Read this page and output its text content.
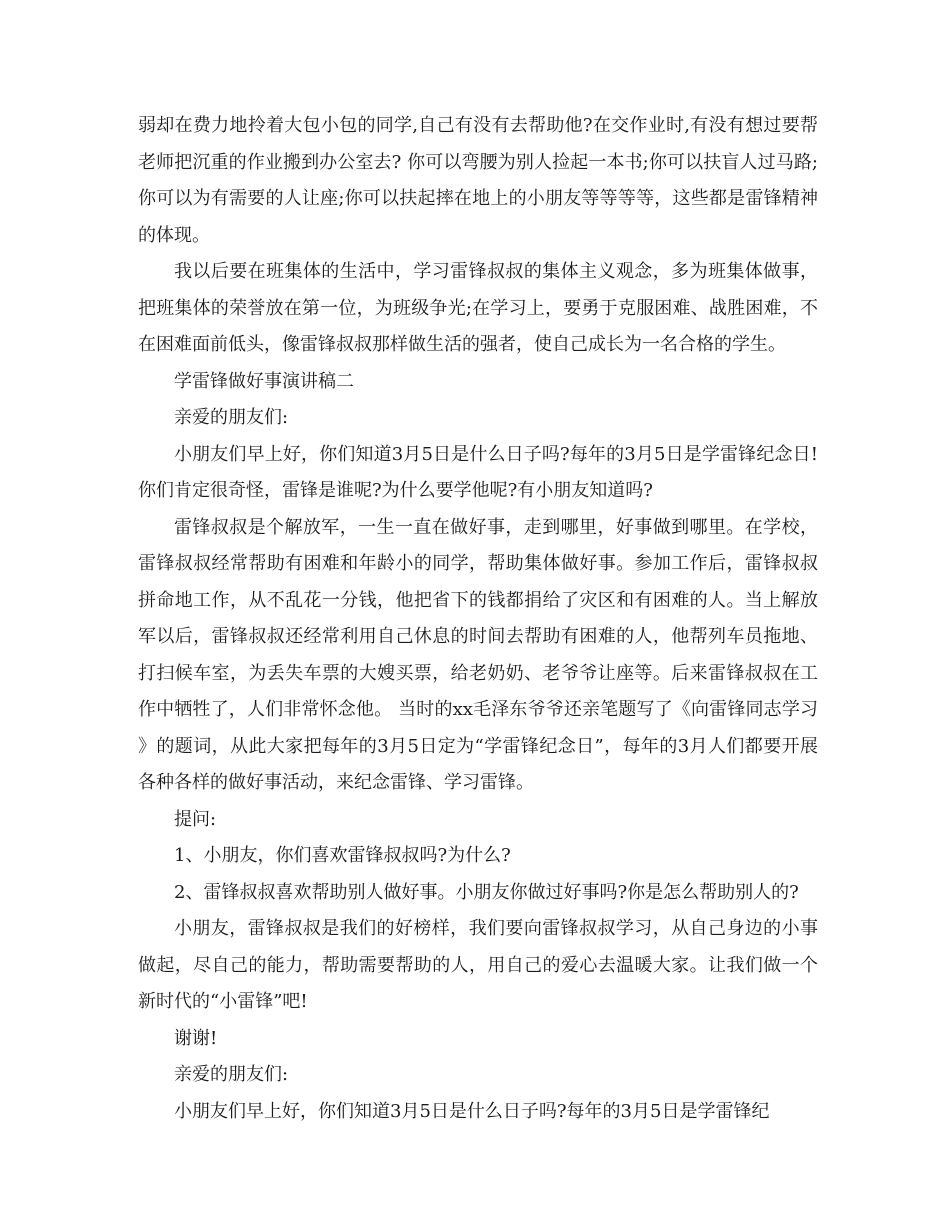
弱却在费力地拎着大包小包的同学,自己有没有去帮助他?在交作业时,有没有想过要帮老师把沉重的作业搬到办公室去? 你可以弯腰为别人捡起一本书;你可以扶盲人过马路;你可以为有需要的人让座;你可以扶起摔在地上的小朋友等等等等，这些都是雷锋精神的体现。

我以后要在班集体的生活中，学习雷锋叔叔的集体主义观念，多为班集体做事，把班集体的荣誉放在第一位，为班级争光;在学习上，要勇于克服困难、战胜困难，不在困难面前低头，像雷锋叔叔那样做生活的强者，使自己成长为一名合格的学生。

学雷锋做好事演讲稿二

亲爱的朋友们:

小朋友们早上好，你们知道3月5日是什么日子吗?每年的3月5日是学雷锋纪念日!你们肯定很奇怪，雷锋是谁呢?为什么要学他呢?有小朋友知道吗?

雷锋叔叔是个解放军，一生一直在做好事，走到哪里，好事做到哪里。在学校，雷锋叔叔经常帮助有困难和年龄小的同学，帮助集体做好事。参加工作后，雷锋叔叔拼命地工作，从不乱花一分钱，他把省下的钱都捐给了灾区和有困难的人。当上解放军以后，雷锋叔叔还经常利用自己休息的时间去帮助有困难的人，他帮列车员拖地、打扫候车室，为丢失车票的大嫂买票，给老奶奶、老爷爷让座等。后来雷锋叔叔在工作中牺牲了，人们非常怀念他。 当时的xx毛泽东爷爷还亲笔题写了《向雷锋同志学习》的题词，从此大家把每年的3月5日定为“学雷锋纪念日”，每年的3月人们都要开展各种各样的做好事活动，来纪念雷锋、学习雷锋。

提问:

1、小朋友，你们喜欢雷锋叔叔吗?为什么?

2、雷锋叔叔喜欢帮助别人做好事。小朋友你做过好事吗?你是怎么帮助别人的?

小朋友，雷锋叔叔是我们的好榜样，我们要向雷锋叔叔学习，从自己身边的小事做起，尽自己的能力，帮助需要帮助的人，用自己的爱心去温暖大家。让我们做一个新时代的“小雷锋”吧!

谢谢!

亲爱的朋友们:

小朋友们早上好，你们知道3月5日是什么日子吗?每年的3月5日是学雷锋纪
